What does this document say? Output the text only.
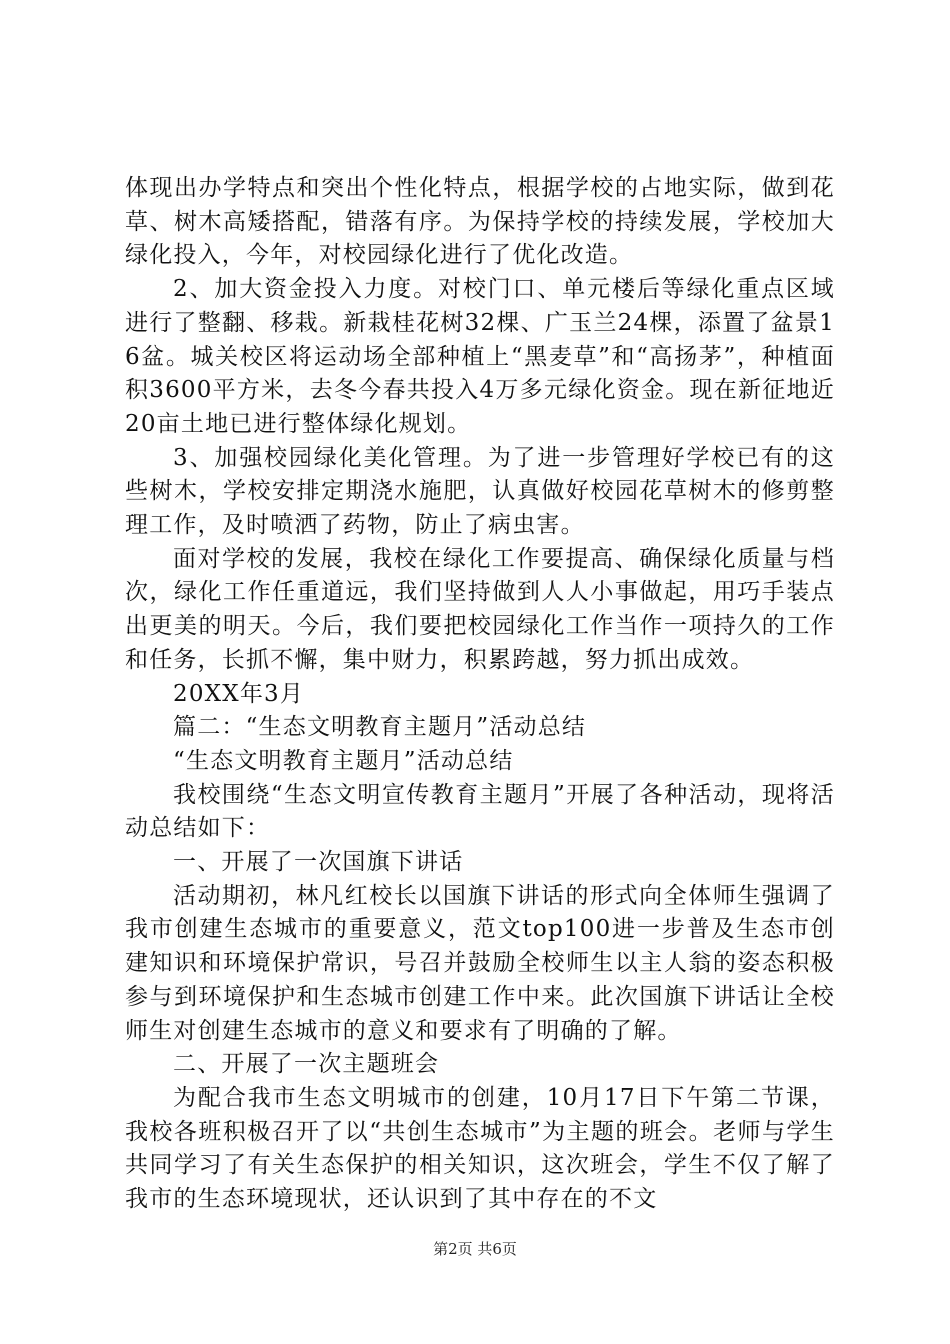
体现出办学特点和突出个性化特点，根据学校的占地实际，做到花草、树木高矮搭配，错落有序。为保持学校的持续发展，学校加大绿化投入，今年，对校园绿化进行了优化改造。

2、加大资金投入力度。对校门口、单元楼后等绿化重点区域进行了整翻、移栽。新栽桂花树32棵、广玉兰24棵，添置了盆景16盆。城关校区将运动场全部种植上“黑麦草”和“高扬茅”，种植面积3600平方米，去冬今春共投入4万多元绿化资金。现在新征地近20亩土地已进行整体绿化规划。

3、加强校园绿化美化管理。为了进一步管理好学校已有的这些树木，学校安排定期浇水施肥，认真做好校园花草树木的修剪整理工作，及时喷洒了药物，防止了病虫害。

面对学校的发展，我校在绿化工作要提高、确保绿化质量与档次，绿化工作任重道远，我们坚持做到人人小事做起，用巧手装点出更美的明天。今后，我们要把校园绿化工作当作一项持久的工作和任务，长抓不懈，集中财力，积累跨越，努力抓出成效。

20XX年3月

篇二：“生态文明教育主题月”活动总结

“生态文明教育主题月”活动总结

我校围绕“生态文明宣传教育主题月”开展了各种活动，现将活动总结如下：

一、开展了一次国旗下讲话

活动期初，林凡红校长以国旗下讲话的形式向全体师生强调了我市创建生态城市的重要意义，范文top100进一步普及生态市创建知识和环境保护常识，号召并鼓励全校师生以主人翁的姿态积极参与到环境保护和生态城市创建工作中来。此次国旗下讲话让全校师生对创建生态城市的意义和要求有了明确的了解。

二、开展了一次主题班会

为配合我市生态文明城市的创建，10月17日下午第二节课，我校各班积极召开了以“共创生态城市”为主题的班会。老师与学生共同学习了有关生态保护的相关知识，这次班会，学生不仅了解了我市的生态环境现状，还认识到了其中存在的不文

第2页 共6页
